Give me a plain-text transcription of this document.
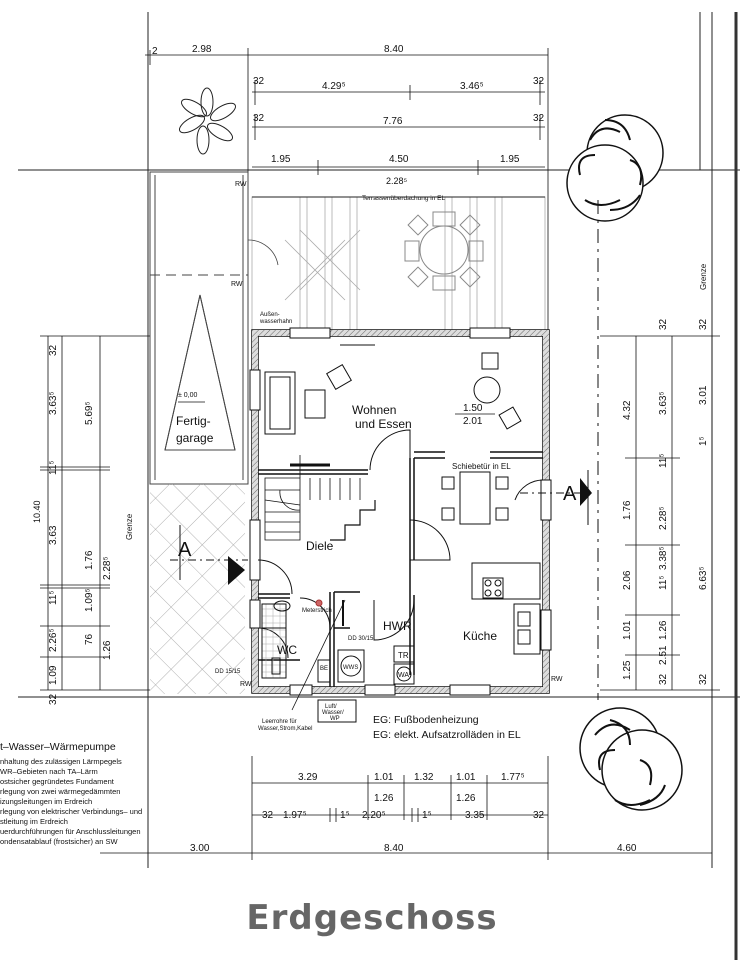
2	2.98	8.40
32	4.29⁵	3.46⁵	32
32	7.76	32
1.95	4.50	1.95
2.28⁵
Terrassenüberdachung in EL
± 0,00
Fertig-
garage
RW
RW
A
A
Wohnen
und Essen
Diele
HWR
Küche
WC
1.50
2.01
Schiebetür in EL
Außen-
wasserhahn
Meterstrich
DD 30/15
DD 15/15
WWS
TR
WA
BE
RW
RW
Grenze
Grenze
Luft/
Wasser/
WP
Leerrohre für
Wasser,Strom,Kabel
32
3.63⁵
11⁵
3.63
11⁵
2.26⁵
1.09
32
5.69⁵
1.76
1.09⁵
76
1.26
2.28⁵
10.40
32
4.32
1.76
2.06
1.01
1.25	32
3.63⁵
11⁵
2.28⁵
3.38⁵
11⁵
1.26
2.51
32
3.01
1⁵
6.63⁵
32
3.29	1.01 1.32 1.01	1.77⁵
1.26	1.26
32 1.97⁵	1⁵ 2.20⁵	1⁵	3.35	32
3.00	8.40	4.60
EG: Fußbodenheizung
EG: elekt. Aufsatzrolläden in EL
t–Wasser–Wärmepumpe
nhaltung des zulässigen Lärmpegels
WR–Gebieten nach TA–Lärm
ostsicher gegründetes Fundament
rlegung von zwei wärmegedämmten
izungsleitungen im Erdreich
rlegung von elektrischer Verbindungs– und
stleitung im Erdreich
uerdurchführungen für Anschlussleitungen
ondensatablauf (frostsicher) an SW
Erdgeschoss
